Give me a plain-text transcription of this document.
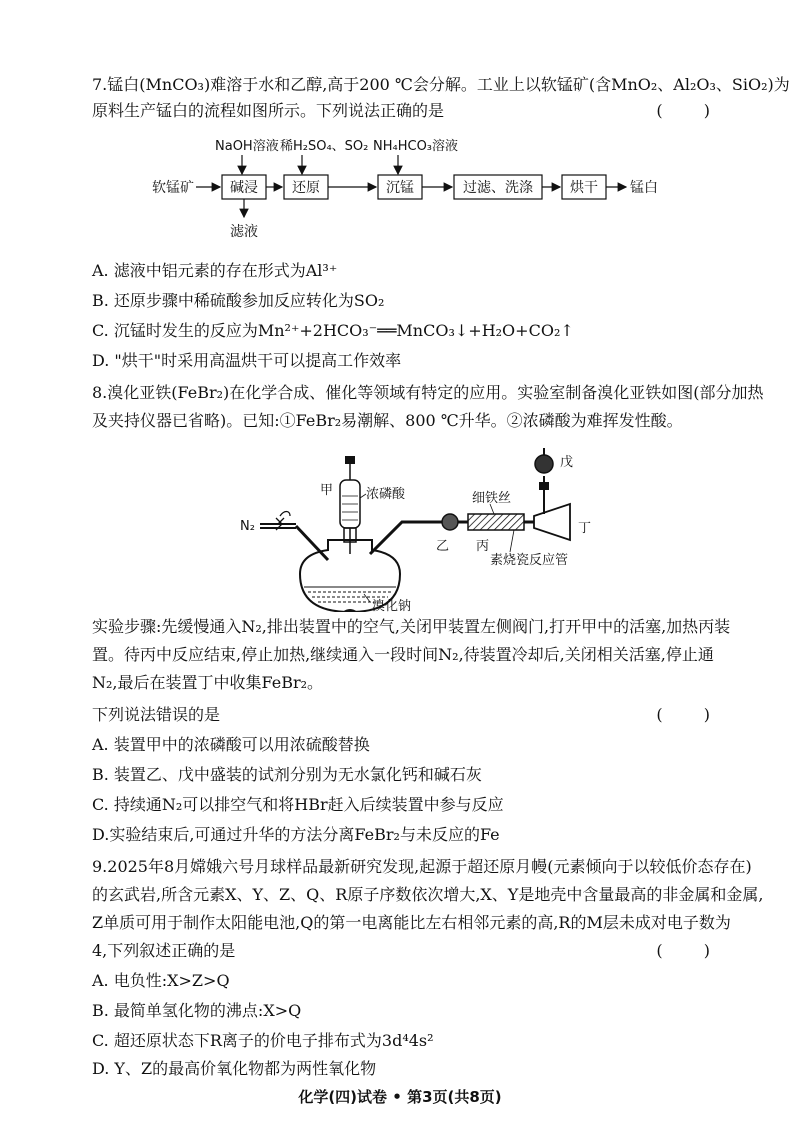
7.锰白(MnCO₃)难溶于水和乙醇,高于200 ℃会分解。工业上以软锰矿(含MnO₂、Al₂O₃、SiO₂)为
原料生产锰白的流程如图所示。下列说法正确的是	( )
NaOH溶液 稀H₂SO₄、SO₂ NH₄HCO₃溶液
软锰矿	碱浸 还原	沉锰	过滤、洗涤	烘干 锰白
滤液
A. 滤液中铝元素的存在形式为Al³⁺
B. 还原步骤中稀硫酸参加反应转化为SO₂
C. 沉锰时发生的反应为Mn²⁺+2HCO₃⁻══MnCO₃↓+H₂O+CO₂↑
D. "烘干"时采用高温烘干可以提高工作效率
8.溴化亚铁(FeBr₂)在化学合成、催化等领域有特定的应用。实验室制备溴化亚铁如图(部分加热
及夹持仪器已省略)。已知:①FeBr₂易潮解、800 ℃升华。②浓磷酸为难挥发性酸。
N₂
甲	浓磷酸
溴化钠
乙
细铁丝
丙
素烧瓷反应管
丁
戊
实验步骤:先缓慢通入N₂,排出装置中的空气,关闭甲装置左侧阀门,打开甲中的活塞,加热丙装
置。待丙中反应结束,停止加热,继续通入一段时间N₂,待装置冷却后,关闭相关活塞,停止通
N₂,最后在装置丁中收集FeBr₂。
下列说法错误的是	( )
A. 装置甲中的浓磷酸可以用浓硫酸替换
B. 装置乙、戊中盛装的试剂分别为无水氯化钙和碱石灰
C. 持续通N₂可以排空气和将HBr赶入后续装置中参与反应
D.实验结束后,可通过升华的方法分离FeBr₂与未反应的Fe
9.2025年8月嫦娥六号月球样品最新研究发现,起源于超还原月幔(元素倾向于以较低价态存在)
的玄武岩,所含元素X、Y、Z、Q、R原子序数依次增大,X、Y是地壳中含量最高的非金属和金属,
Z单质可用于制作太阳能电池,Q的第一电离能比左右相邻元素的高,R的M层未成对电子数为
4,下列叙述正确的是	( )
A. 电负性:X>Z>Q
B. 最简单氢化物的沸点:X>Q
C. 超还原状态下R离子的价电子排布式为3d⁴4s²
D. Y、Z的最高价氧化物都为两性氧化物
化学(四)试卷 • 第3页(共8页)
